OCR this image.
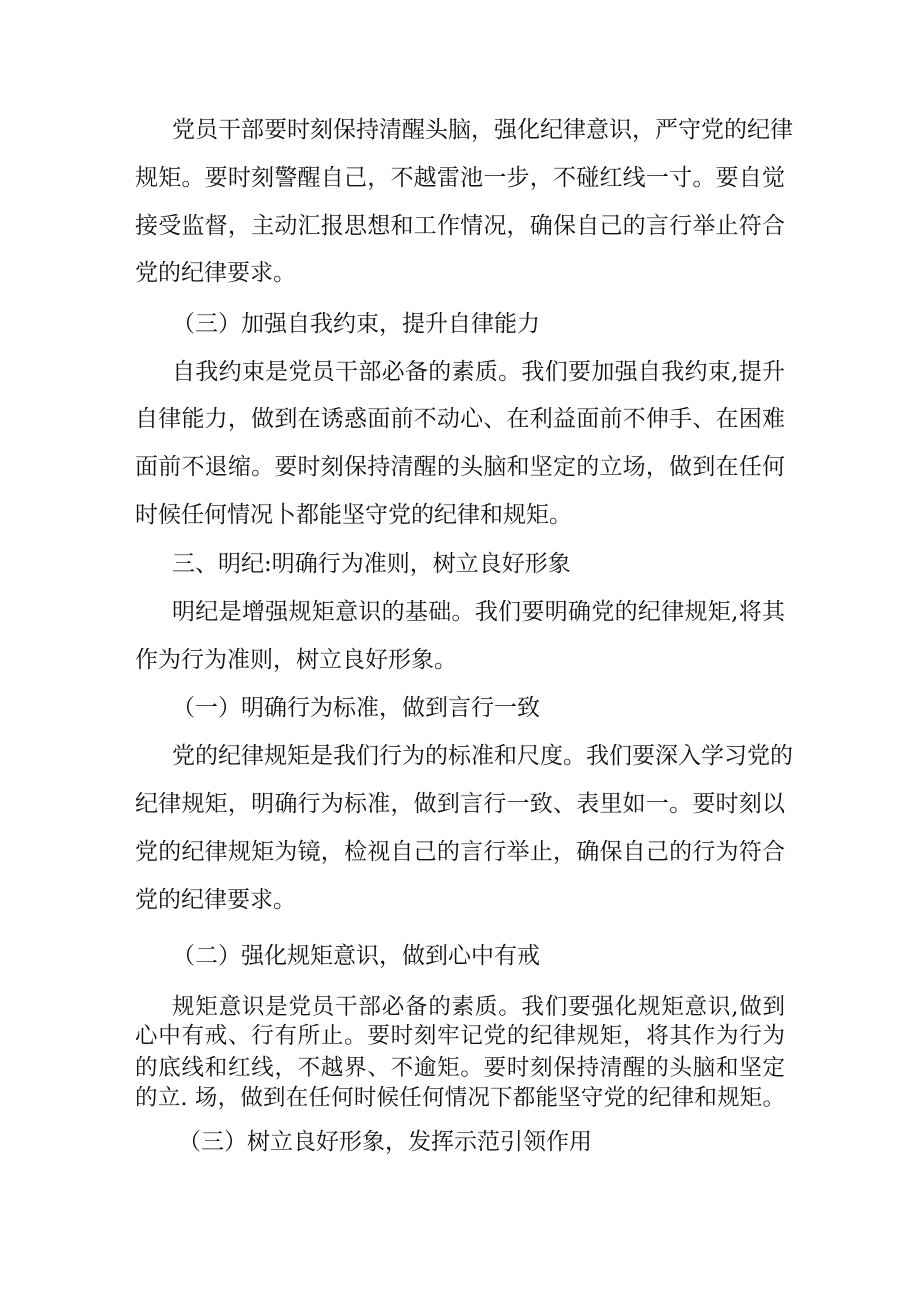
党员干部要时刻保持清醒头脑，强化纪律意识，严守党的纪律

规矩。要时刻警醒自己，不越雷池一步，不碰红线一寸。要自觉

接受监督，主动汇报思想和工作情况，确保自己的言行举止符合

党的纪律要求。

（三）加强自我约束，提升自律能力

自我约束是党员干部必备的素质。我们要加强自我约束,提升

自律能力，做到在诱惑面前不动心、在利益面前不伸手、在困难

面前不退缩。要时刻保持清醒的头脑和坚定的立场，做到在任何

时候任何情况卜都能坚守党的纪律和规矩。

三、明纪:明确行为准则，树立良好形象

明纪是增强规矩意识的基础。我们要明确党的纪律规矩,将其

作为行为准则，树立良好形象。

（一）明确行为标准，做到言行一致

党的纪律规矩是我们行为的标准和尺度。我们要深入学习党的

纪律规矩，明确行为标准，做到言行一致、表里如一。要时刻以

党的纪律规矩为镜，检视自己的言行举止，确保自己的行为符合

党的纪律要求。

（二）强化规矩意识，做到心中有戒

规矩意识是党员干部必备的素质。我们要强化规矩意识,做到

心中有戒、行有所止。要时刻牢记党的纪律规矩，将其作为行为

的底线和红线，不越界、不逾矩。要时刻保持清醒的头脑和坚定

的立. 场，做到在任何时候任何情况下都能坚守党的纪律和规矩。

（三）树立良好形象，发挥示范引领作用
